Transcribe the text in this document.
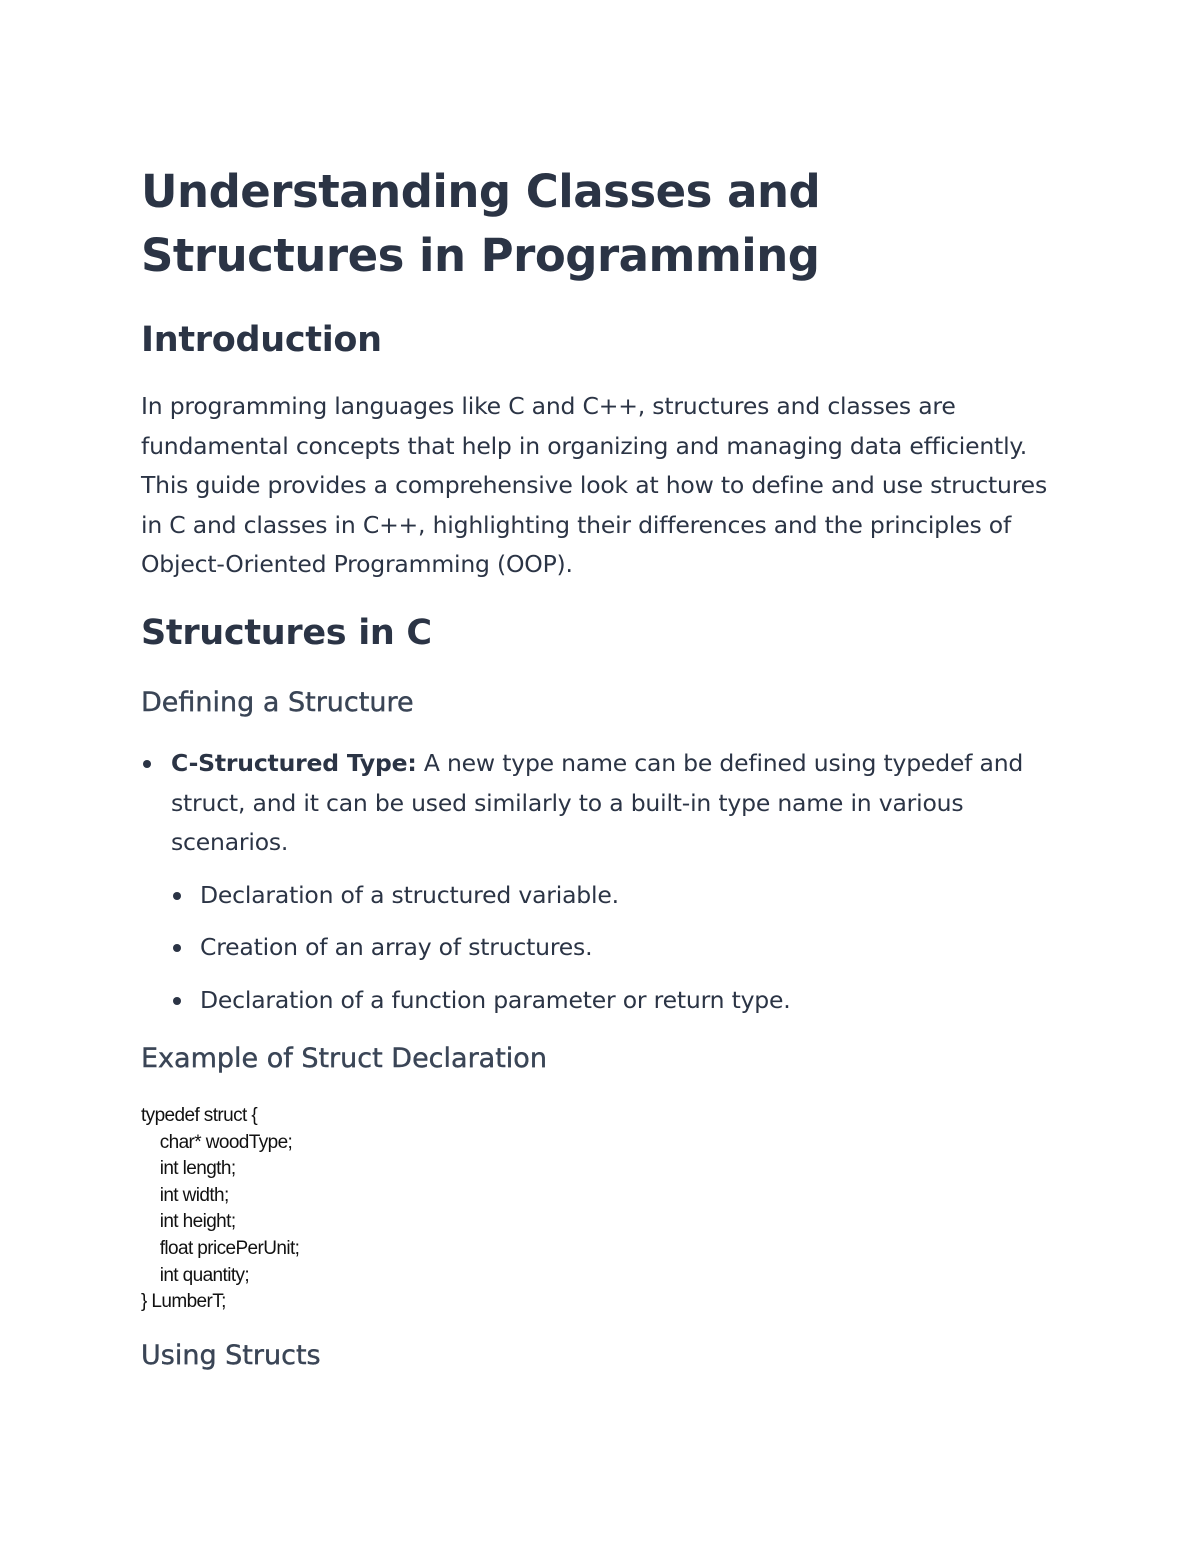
Understanding Classes and Structures in Programming
Introduction

In programming languages like C and C++, structures and classes are fundamental concepts that help in organizing and managing data efficiently. This guide provides a comprehensive look at how to define and use structures in C and classes in C++, highlighting their differences and the principles of Object-Oriented Programming (OOP).

Structures in C
Defining a Structure
C-Structured Type: A new type name can be defined using typedef and struct, and it can be used similarly to a built-in type name in various scenarios.
Declaration of a structured variable.
Creation of an array of structures.
Declaration of a function parameter or return type.
Example of Struct Declaration
typedef struct {
char* woodType;
int length;
int width;
int height;
float pricePerUnit;
int quantity;
} LumberT;
Using Structs
